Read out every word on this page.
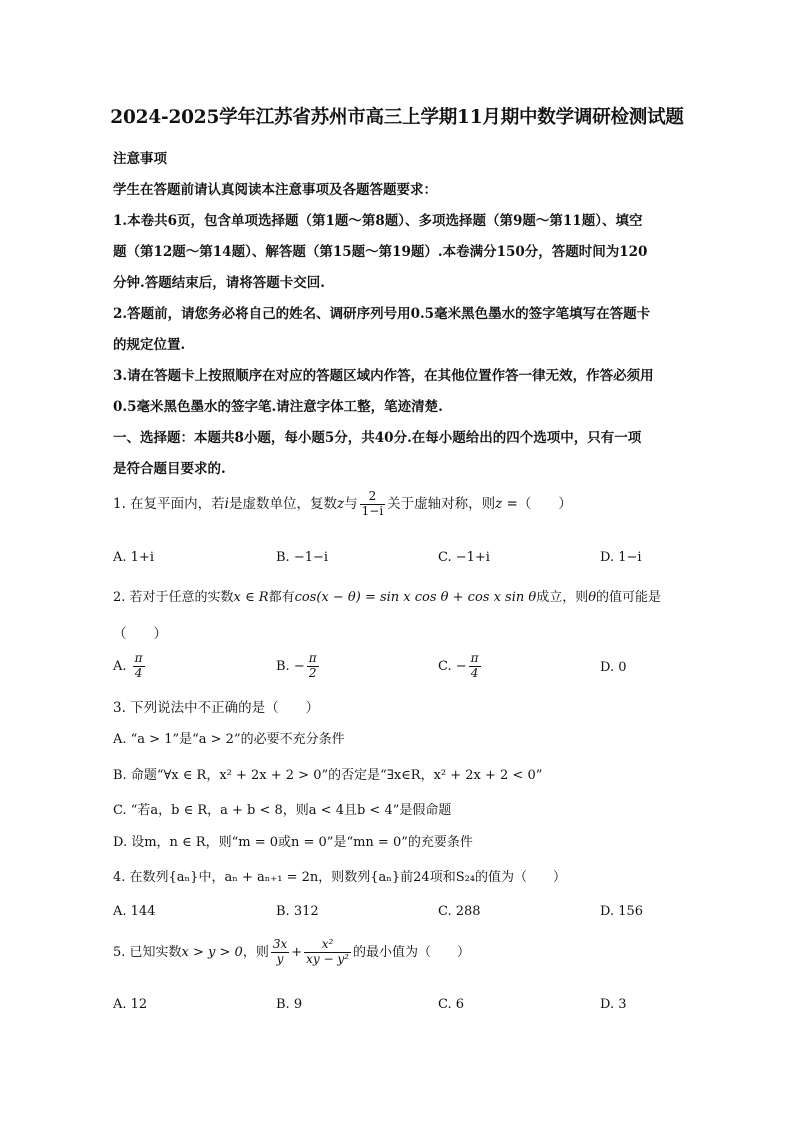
2024-2025学年江苏省苏州市高三上学期11月期中数学调研检测试题
注意事项
学生在答题前请认真阅读本注意事项及各题答题要求：
1.本卷共6页，包含单项选择题（第1题～第8题）、多项选择题（第9题～第11题）、填空
题（第12题～第14题）、解答题（第15题～第19题）.本卷满分150分，答题时间为120
分钟.答题结束后，请将答题卡交回.
2.答题前，请您务必将自己的姓名、调研序列号用0.5毫米黑色墨水的签字笔填写在答题卡
的规定位置.
3.请在答题卡上按照顺序在对应的答题区域内作答，在其他位置作答一律无效，作答必须用
0.5毫米黑色墨水的签字笔.请注意字体工整，笔迹清楚.
一、选择题：本题共8小题，每小题5分，共40分.在每小题给出的四个选项中，只有一项
是符合题目要求的.
1. 在复平面内，若i是虚数单位，复数z与 $\frac{2}{1-i}$ 关于虚轴对称，则z =（　　）
A. 1+i	B. −1−i	C. −1+i	D. 1−i
2. 若对于任意的实数x ∈ R都有cos(x − θ) = sin x cos θ + cos x sin θ成立，则θ的值可能是
（　　）
A. $\frac{\pi}{4}$	B. − $\frac{\pi}{2}$	C. − $\frac{\pi}{4}$	D. 0
3. 下列说法中不正确的是（　　）
A. “a > 1”是“a > 2”的必要不充分条件
B. 命题“∀x ∈ R，x² + 2x + 2 > 0”的否定是“∃x∈R，x² + 2x + 2 < 0”
C. “若a，b ∈ R，a + b < 8，则a < 4且b < 4”是假命题
D. 设m，n ∈ R，则“m = 0或n = 0”是“mn = 0”的充要条件
4. 在数列{aₙ}中，aₙ + aₙ₊₁ = 2n，则数列{aₙ}前24项和S₂₄的值为（　　）
A. 144	B. 312	C. 288	D. 156
5. 已知实数x > y > 0，则 $\frac{3x}{y} + \frac{\text{x²}}{\text{xy − y²}}$ 的最小值为（　　）
A. 12	B. 9	C. 6	D. 3
